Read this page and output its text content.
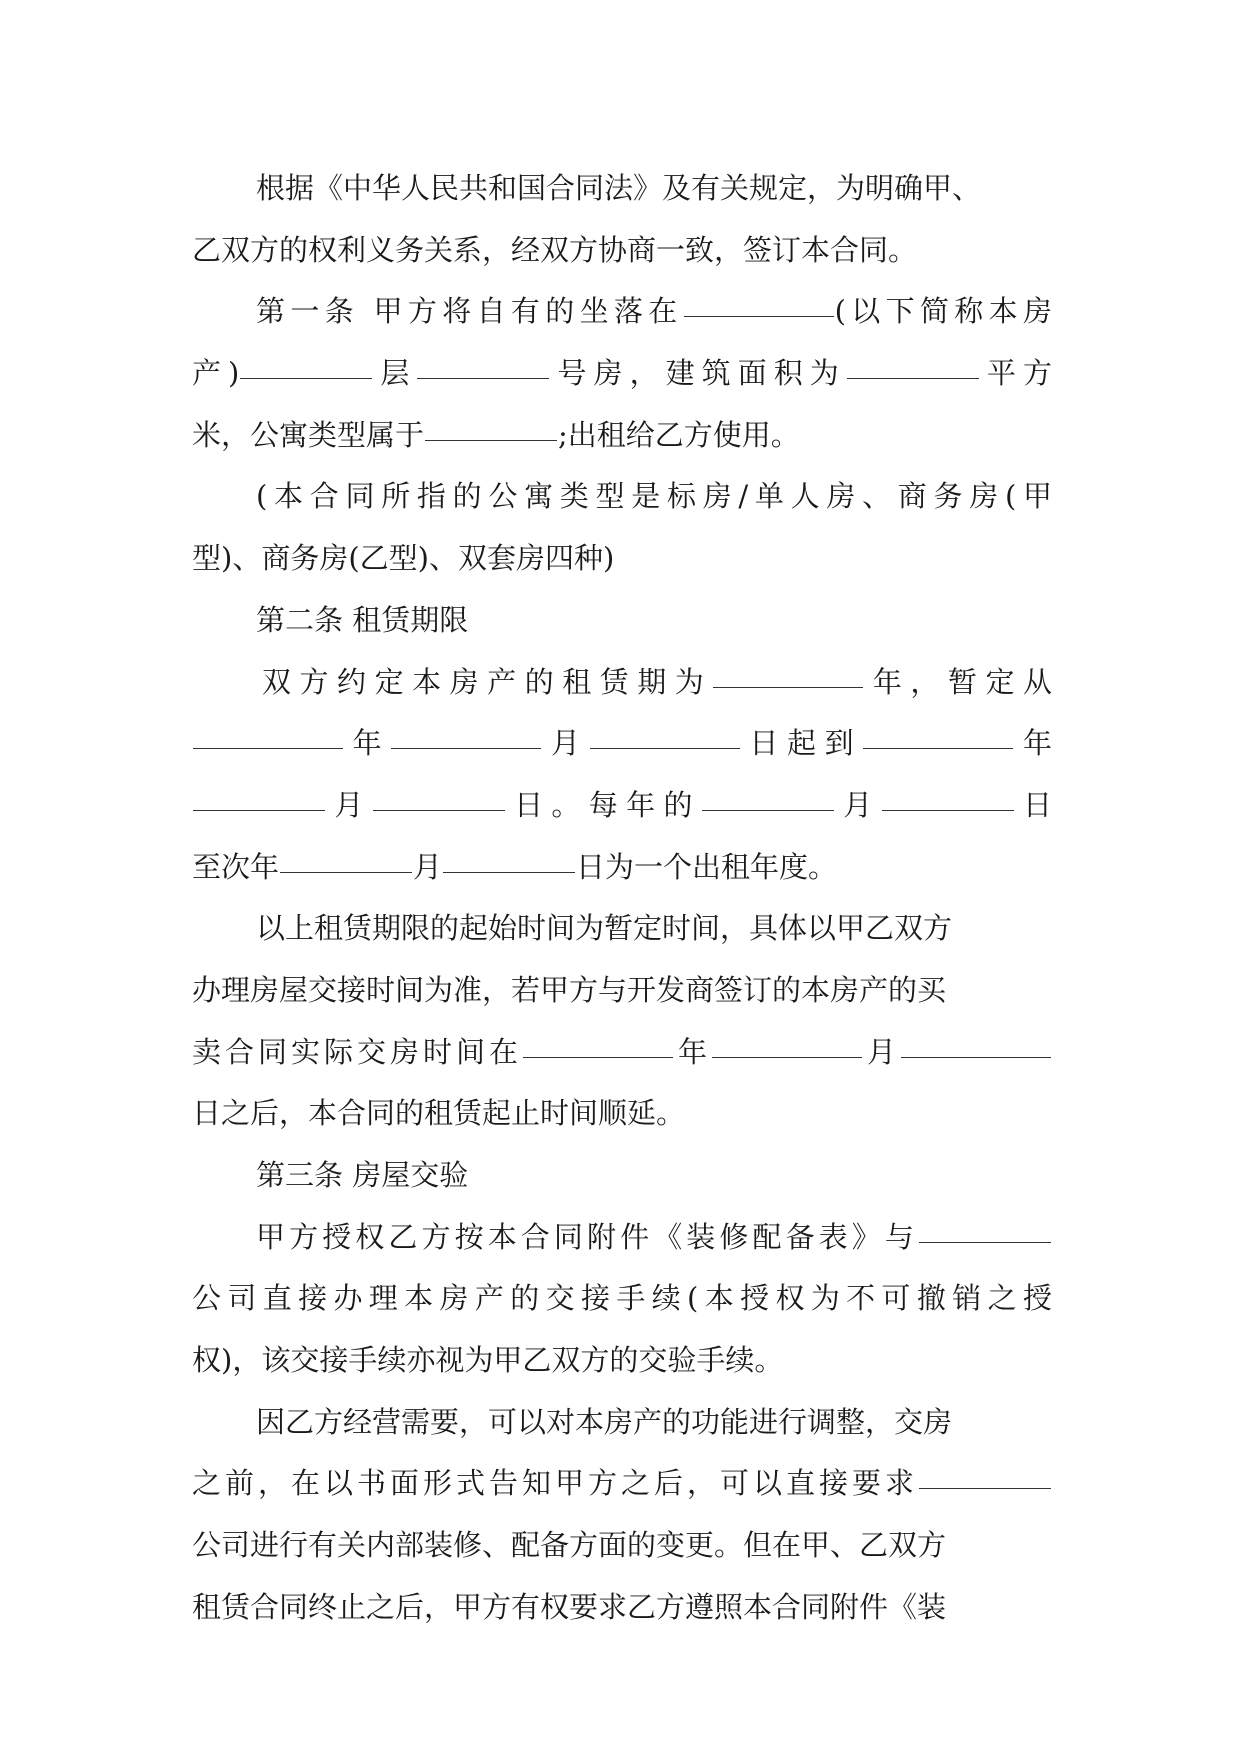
根据《中华人民共和国合同法》及有关规定，为明确甲、
乙双方的权利义务关系，经双方协商一致，签订本合同。
第一条 甲方将自有的坐落在	(以下简称本房
产)	层	号房，建筑面积为	平方
米，公寓类型属于	;出租给乙方使用。
(本合同所指的公寓类型是标房/单人房、商务房(甲
型)、商务房(乙型)、双套房四种)
第二条 租赁期限
双方约定本房产的租赁期为	年，暂定从
年	月	日起到	年
月	日。每年的	月	日
至次年	月	日为一个出租年度。
以上租赁期限的起始时间为暂定时间，具体以甲乙双方
办理房屋交接时间为准，若甲方与开发商签订的本房产的买
卖合同实际交房时间在	年	月
日之后，本合同的租赁起止时间顺延。
第三条 房屋交验
甲方授权乙方按本合同附件《装修配备表》与
公司直接办理本房产的交接手续(本授权为不可撤销之授
权)，该交接手续亦视为甲乙双方的交验手续。
因乙方经营需要，可以对本房产的功能进行调整，交房
之前，在以书面形式告知甲方之后，可以直接要求
公司进行有关内部装修、配备方面的变更。但在甲、乙双方
租赁合同终止之后，甲方有权要求乙方遵照本合同附件《装
